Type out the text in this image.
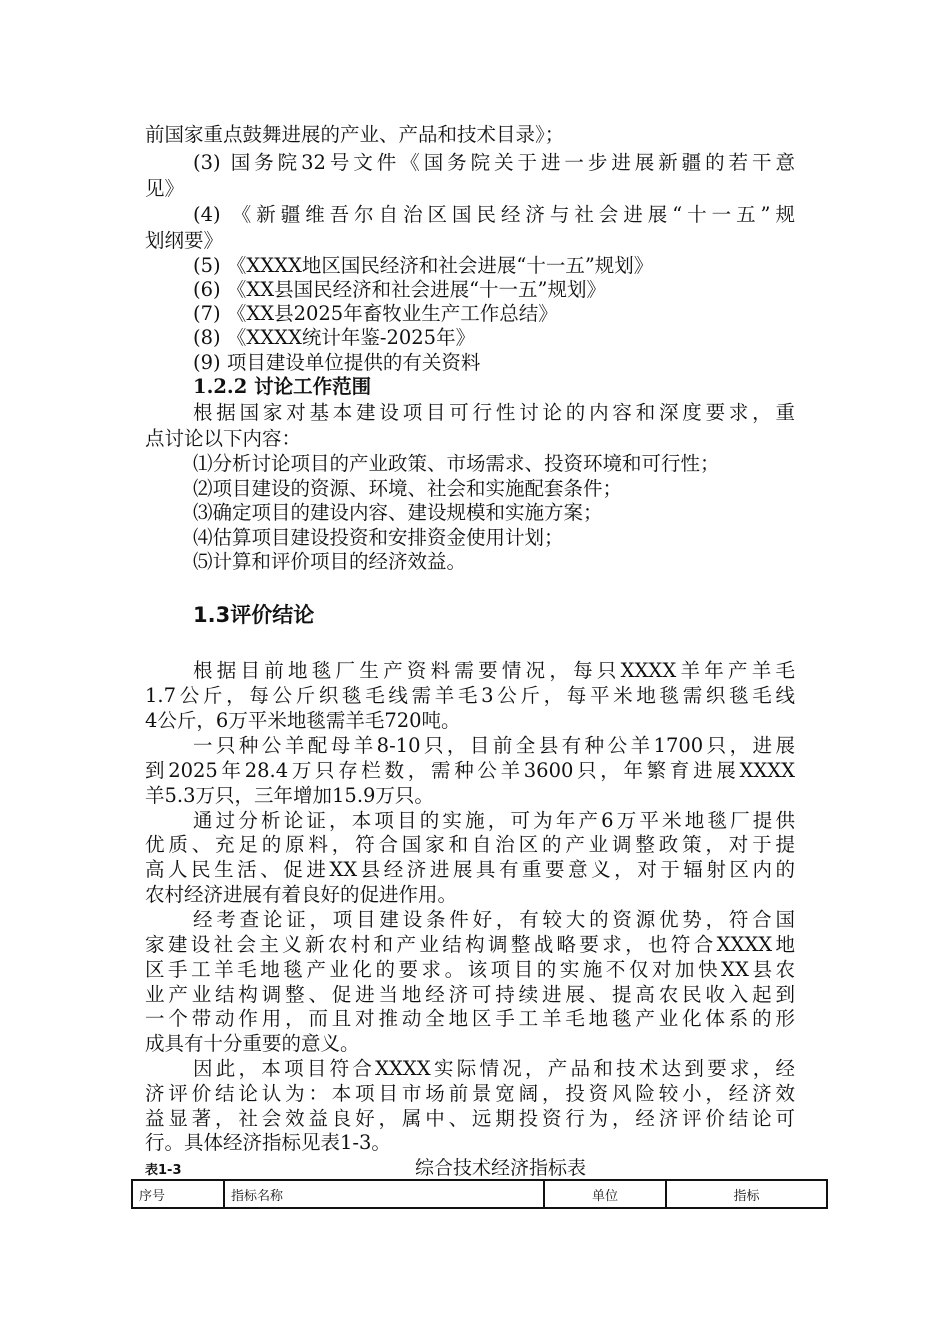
前国家重点鼓舞进展的产业、产品和技术目录》；
(3) 国务院32号文件《国务院关于进一步进展新疆的若干意
见》
(4) 《新疆维吾尔自治区国民经济与社会进展“十一五”规
划纲要》
(5) 《XXXX地区国民经济和社会进展“十一五”规划》
(6) 《XX县国民经济和社会进展“十一五”规划》
(7) 《XX县2025年畜牧业生产工作总结》
(8) 《XXXX统计年鉴-2025年》
(9) 项目建设单位提供的有关资料
1.2.2 讨论工作范围
根据国家对基本建设项目可行性讨论的内容和深度要求，重
点讨论以下内容：
⑴分析讨论项目的产业政策、市场需求、投资环境和可行性；
⑵项目建设的资源、环境、社会和实施配套条件；
⑶确定项目的建设内容、建设规模和实施方案；
⑷估算项目建设投资和安排资金使用计划；
⑸计算和评价项目的经济效益。
1.3评价结论
根据目前地毯厂生产资料需要情况，每只XXXX羊年产羊毛
1.7公斤，每公斤织毯毛线需羊毛3公斤，每平米地毯需织毯毛线
4公斤，6万平米地毯需羊毛720吨。
一只种公羊配母羊8-10只，目前全县有种公羊1700只，进展
到2025年28.4万只存栏数，需种公羊3600只，年繁育进展XXXX
羊5.3万只，三年增加15.9万只。
通过分析论证，本项目的实施，可为年产6万平米地毯厂提供
优质、充足的原料，符合国家和自治区的产业调整政策，对于提
高人民生活、促进XX县经济进展具有重要意义，对于辐射区内的
农村经济进展有着良好的促进作用。
经考查论证，项目建设条件好，有较大的资源优势，符合国
家建设社会主义新农村和产业结构调整战略要求，也符合XXXX地
区手工羊毛地毯产业化的要求。该项目的实施不仅对加快XX县农
业产业结构调整、促进当地经济可持续进展、提高农民收入起到
一个带动作用，而且对推动全地区手工羊毛地毯产业化体系的形
成具有十分重要的意义。
因此，本项目符合XXXX实际情况，产品和技术达到要求，经
济评价结论认为：本项目市场前景宽阔，投资风险较小，经济效
益显著，社会效益良好，属中、远期投资行为，经济评价结论可
行。具体经济指标见表1-3。
表1-3	综合技术经济指标表
序号	指标名称	单位	指标
